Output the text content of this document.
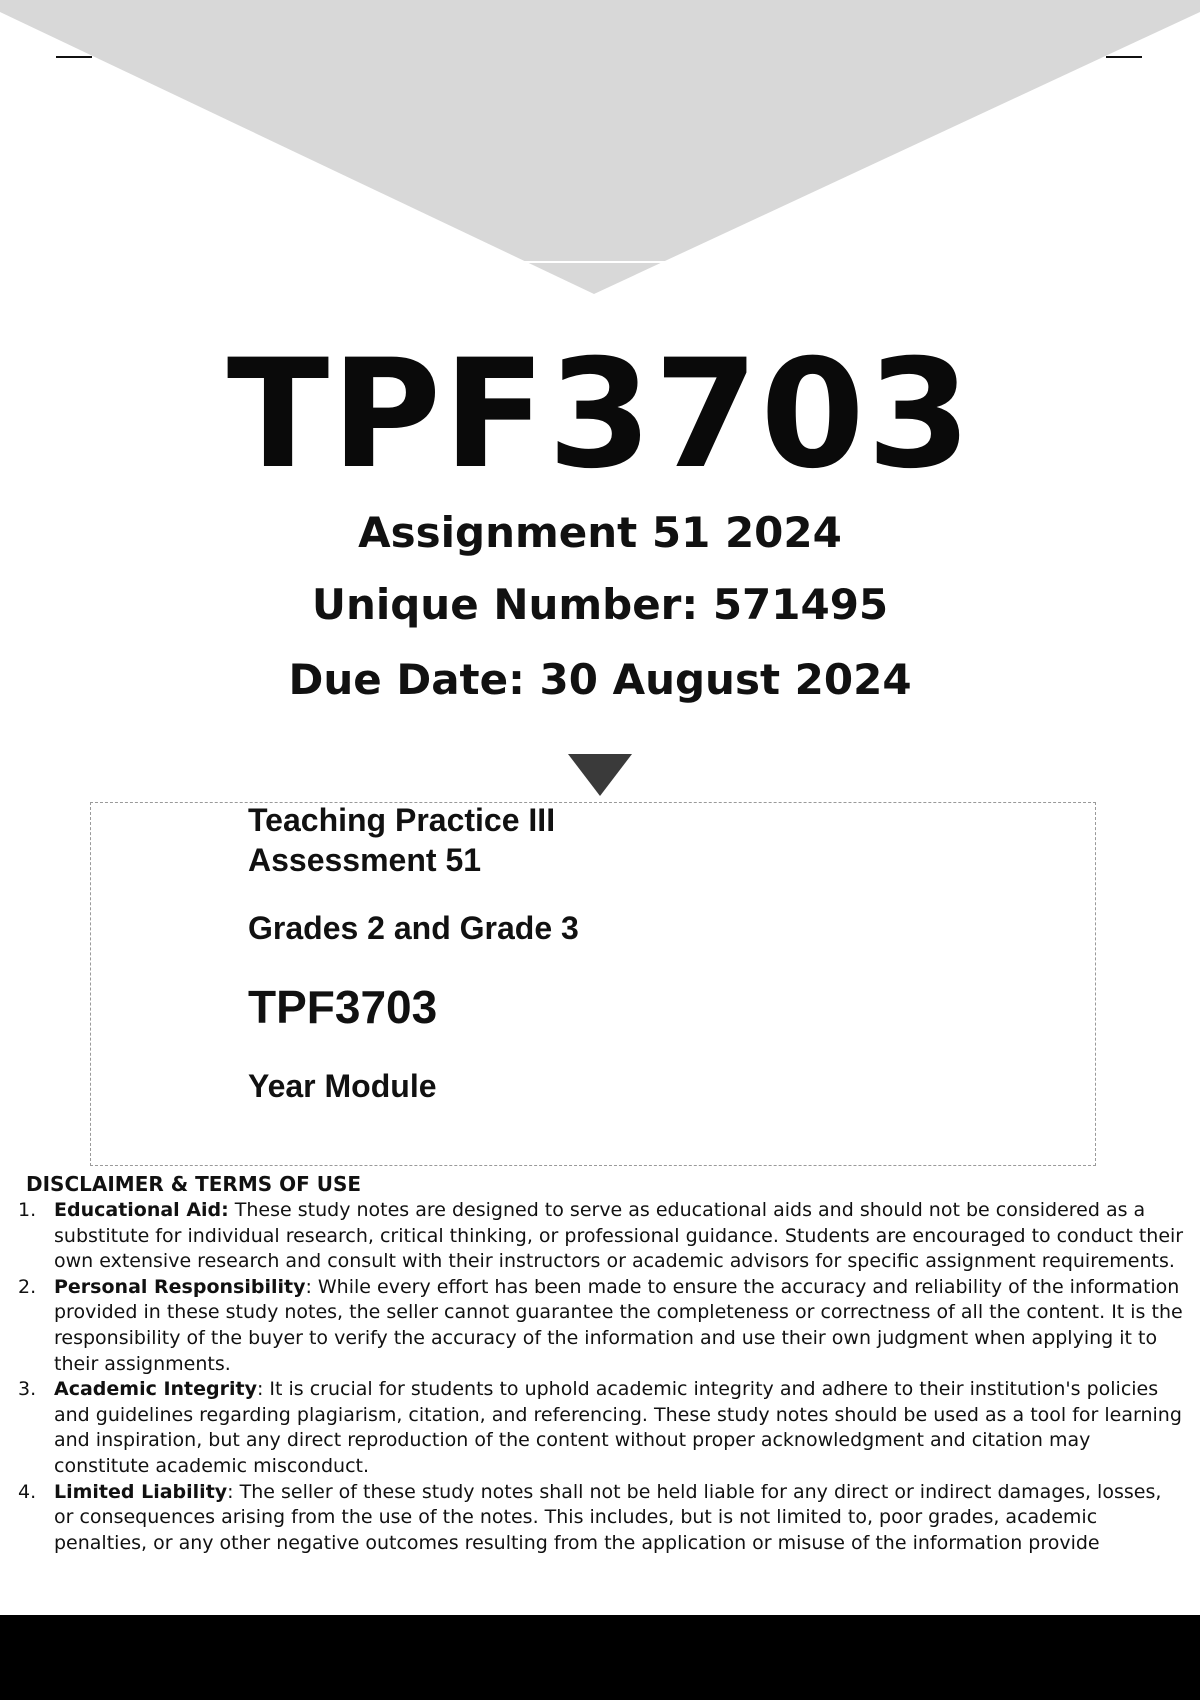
TPF3703
Assignment 51 2024
Unique Number: 571495
Due Date: 30 August 2024
Teaching Practice III
Assessment 51
Grades 2 and Grade 3
TPF3703
Year Module
DISCLAIMER & TERMS OF USE
1. Educational Aid: These study notes are designed to serve as educational aids and should not be considered as a substitute for individual research, critical thinking, or professional guidance. Students are encouraged to conduct their own extensive research and consult with their instructors or academic advisors for specific assignment requirements.
2. Personal Responsibility: While every effort has been made to ensure the accuracy and reliability of the information provided in these study notes, the seller cannot guarantee the completeness or correctness of all the content. It is the responsibility of the buyer to verify the accuracy of the information and use their own judgment when applying it to their assignments.
3. Academic Integrity: It is crucial for students to uphold academic integrity and adhere to their institution's policies and guidelines regarding plagiarism, citation, and referencing. These study notes should be used as a tool for learning and inspiration, but any direct reproduction of the content without proper acknowledgment and citation may constitute academic misconduct.
4. Limited Liability: The seller of these study notes shall not be held liable for any direct or indirect damages, losses, or consequences arising from the use of the notes. This includes, but is not limited to, poor grades, academic penalties, or any other negative outcomes resulting from the application or misuse of the information provide
